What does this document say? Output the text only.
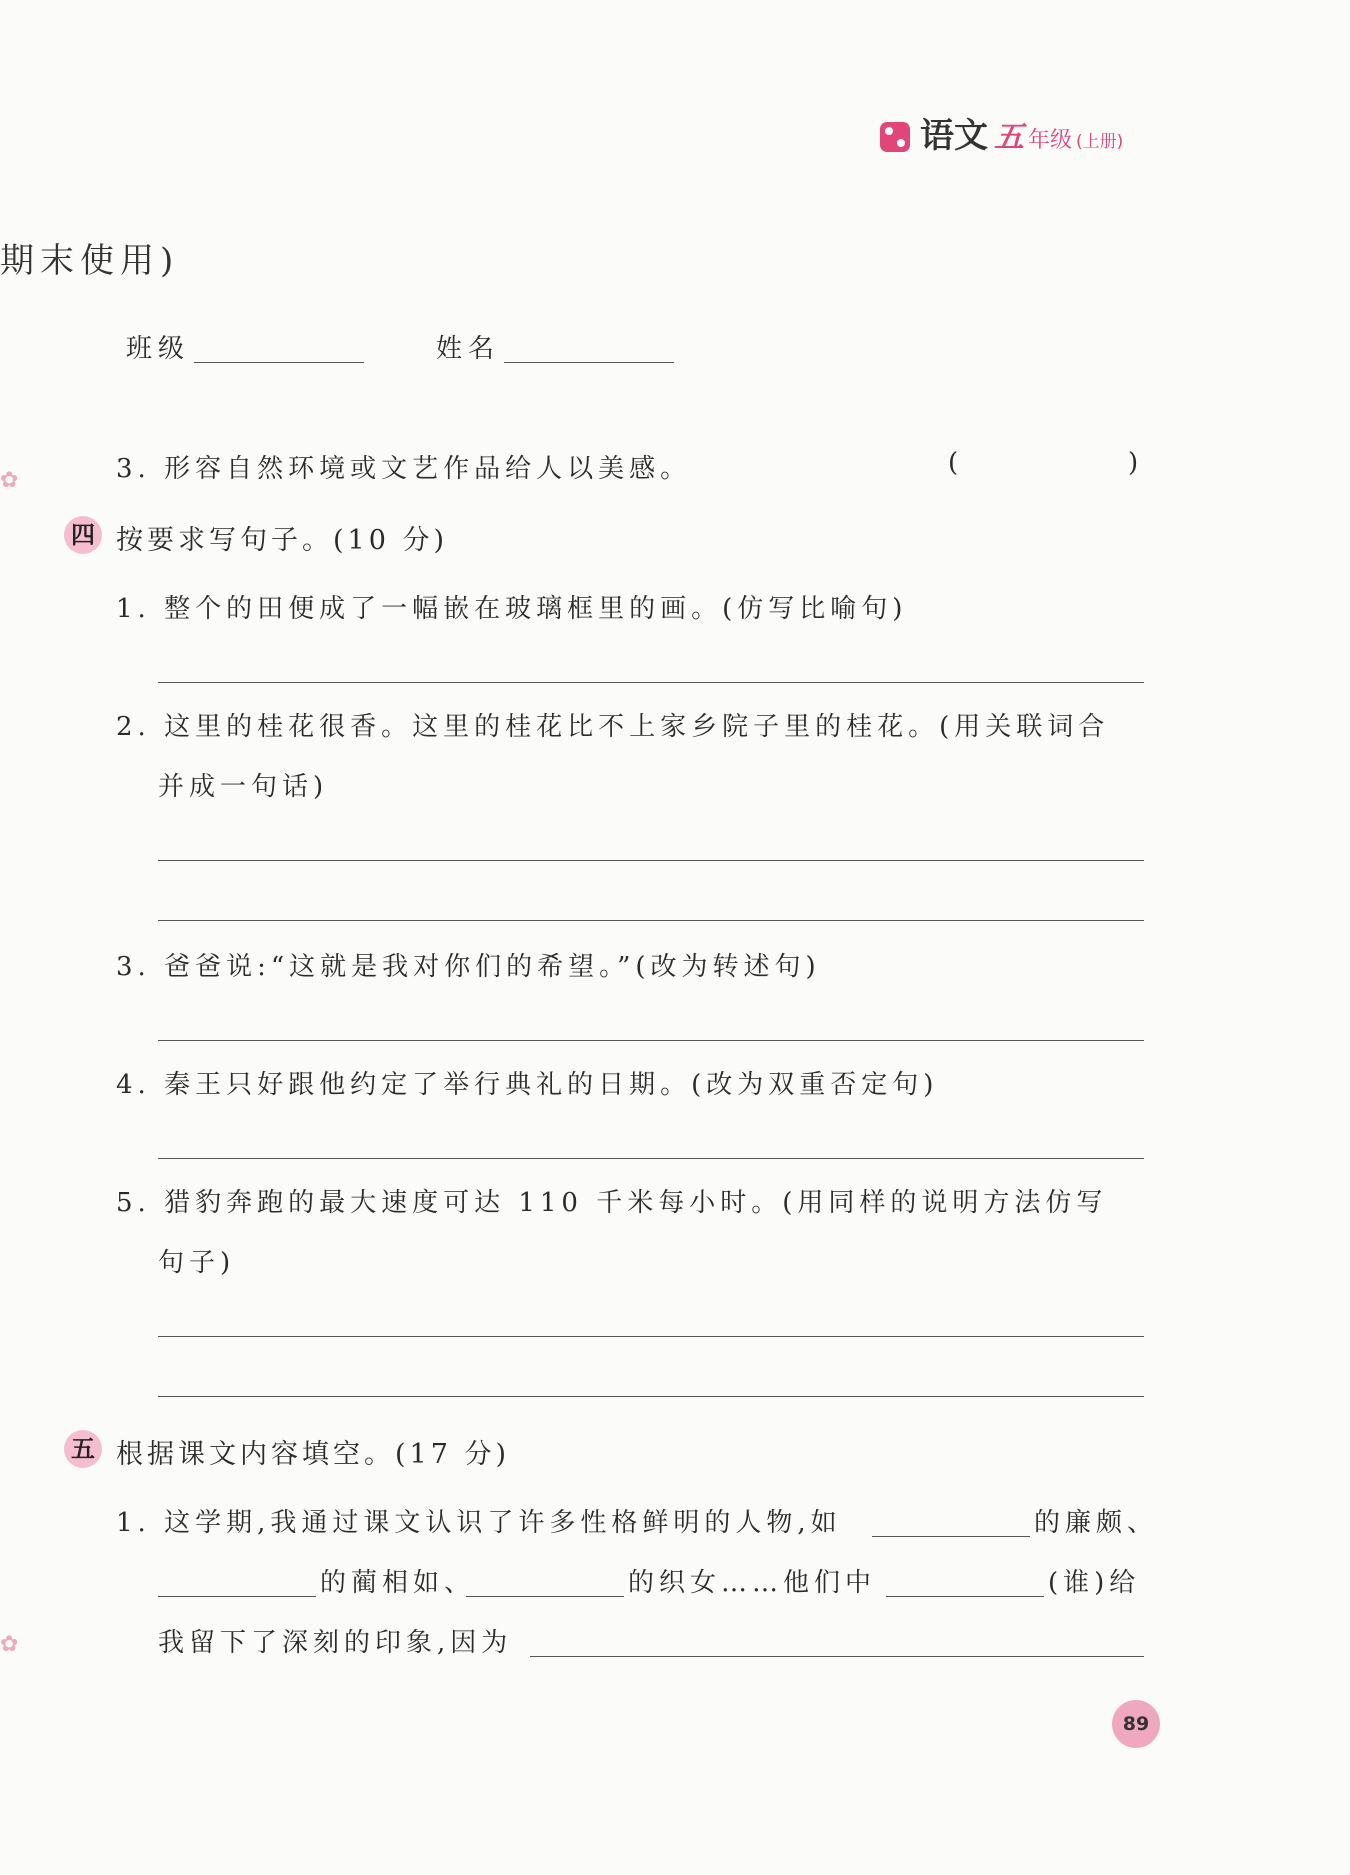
语文 五 年级 (上册)
期末使用)
班级	姓名
✿
✿
3. 形容自然环境或文艺作品给人以美感。	(	)
四 按要求写句子。(10 分)
1. 整个的田便成了一幅嵌在玻璃框里的画。(仿写比喻句)
2. 这里的桂花很香。这里的桂花比不上家乡院子里的桂花。(用关联词合
并成一句话)
3. 爸爸说:“这就是我对你们的希望。”(改为转述句)
4. 秦王只好跟他约定了举行典礼的日期。(改为双重否定句)
5. 猎豹奔跑的最大速度可达 110 千米每小时。(用同样的说明方法仿写
句子)
五 根据课文内容填空。(17 分)
1. 这学期,我通过课文认识了许多性格鲜明的人物,如	的廉颇、
的蔺相如、	的织女……他们中	(谁)给
我留下了深刻的印象,因为
89
